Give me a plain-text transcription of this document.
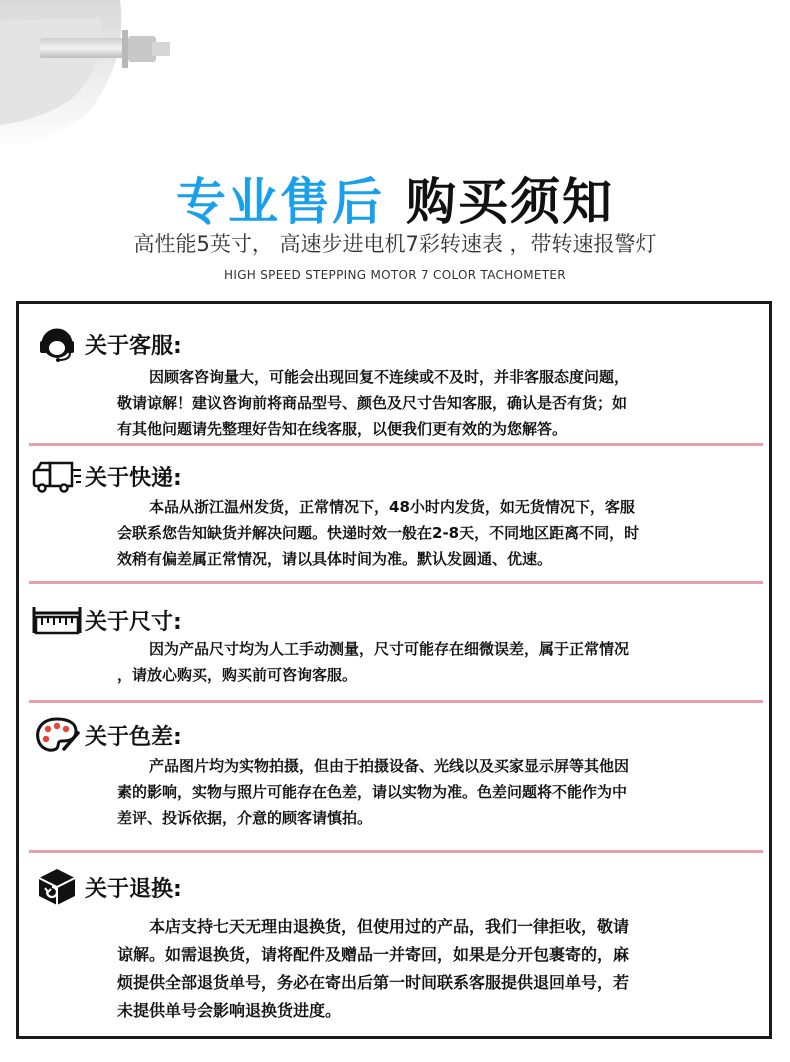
专业售后 购买须知
高性能5英寸， 高速步进电机7彩转速表 ，带转速报警灯
HIGH SPEED STEPPING MOTOR 7 COLOR TACHOMETER
关于客服:

因顾客咨询量大，可能会出现回复不连续或不及时，并非客服态度问题，

敬请谅解！建议咨询前将商品型号、颜色及尺寸告知客服，确认是否有货；如

有其他问题请先整理好告知在线客服，以便我们更有效的为您解答。

关于快递:

本品从浙江温州发货，正常情况下，48小时内发货，如无货情况下，客服

会联系您告知缺货并解决问题。快递时效一般在2-8天，不同地区距离不同，时

效稍有偏差属正常情况，请以具体时间为准。默认发圆通、优速。

关于尺寸:

因为产品尺寸均为人工手动测量，尺寸可能存在细微误差，属于正常情况

，请放心购买，购买前可咨询客服。

关于色差:

产品图片均为实物拍摄，但由于拍摄设备、光线以及买家显示屏等其他因

素的影响，实物与照片可能存在色差，请以实物为准。色差问题将不能作为中

差评、投诉依据，介意的顾客请慎拍。

关于退换:

本店支持七天无理由退换货，但使用过的产品，我们一律拒收，敬请

谅解。如需退换货，请将配件及赠品一并寄回，如果是分开包裹寄的，麻

烦提供全部退货单号，务必在寄出后第一时间联系客服提供退回单号，若

未提供单号会影响退换货进度。
